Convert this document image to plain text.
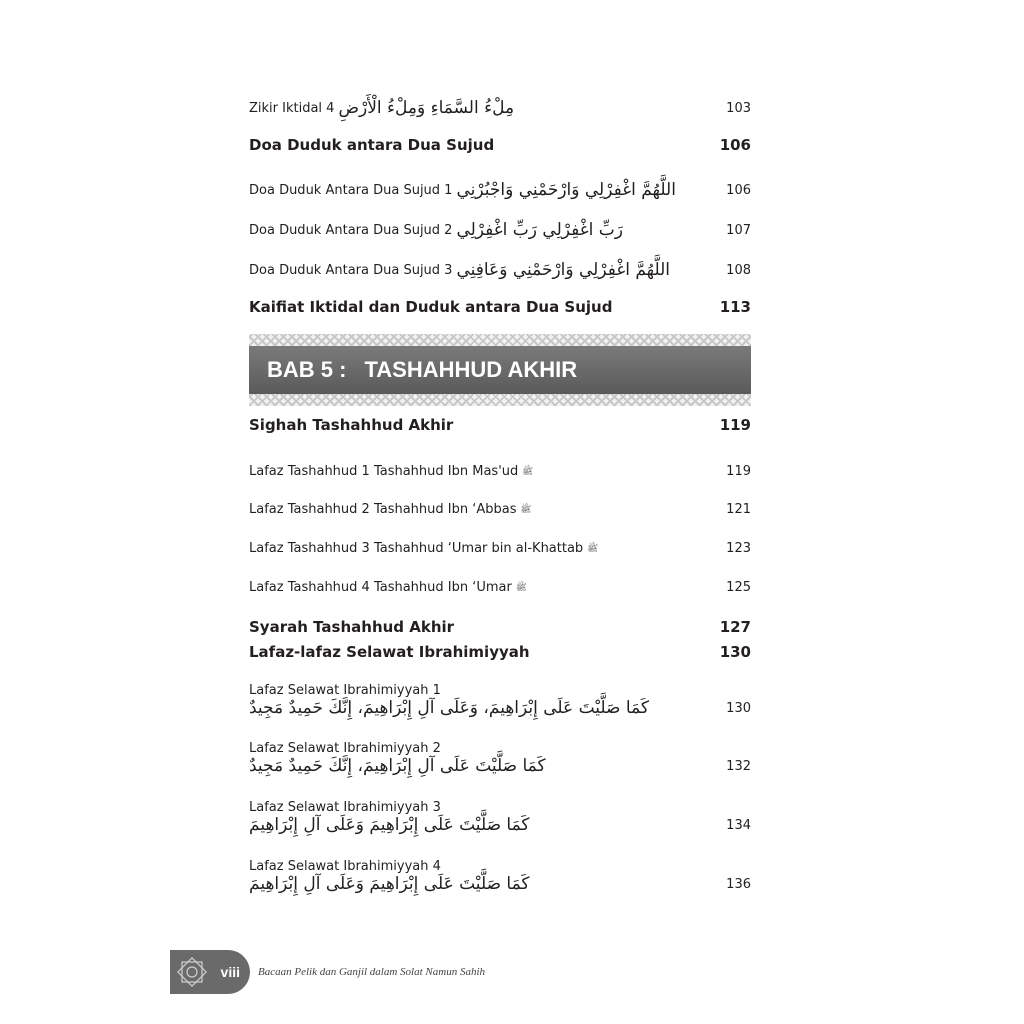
Zikir Iktidal 4 مِلْءُ السَّمَاءِ وَمِلْءُ الْأَرْضِ	103
Doa Duduk antara Dua Sujud	106
Doa Duduk Antara Dua Sujud 1 اللَّهُمَّ اغْفِرْلِي وَارْحَمْنِي وَاجْبُرْنِي	106
Doa Duduk Antara Dua Sujud 2 رَبِّ اغْفِرْلِي رَبِّ اغْفِرْلِي	107
Doa Duduk Antara Dua Sujud 3 اللَّهُمَّ اغْفِرْلِي وَارْحَمْنِي وَعَافِنِي	108
Kaifiat Iktidal dan Duduk antara Dua Sujud	113
BAB 5 : TASHAHHUD AKHIR
Sighah Tashahhud Akhir	119
Lafaz Tashahhud 1 Tashahhud Ibn Mas'ud ﷺ	119
Lafaz Tashahhud 2 Tashahhud Ibn ‘Abbas ﷺ	121
Lafaz Tashahhud 3 Tashahhud ‘Umar bin al-Khattab ﷺ	123
Lafaz Tashahhud 4 Tashahhud Ibn ‘Umar ﷺ	125
Syarah Tashahhud Akhir	127
Lafaz-lafaz Selawat Ibrahimiyyah	130
Lafaz Selawat Ibrahimiyyah 1
كَمَا صَلَّيْتَ عَلَى إِبْرَاهِيمَ، وَعَلَى آلِ إِبْرَاهِيمَ، إِنَّكَ حَمِيدٌ مَجِيدٌ	130
Lafaz Selawat Ibrahimiyyah 2
كَمَا صَلَّيْتَ عَلَى آلِ إِبْرَاهِيمَ، إِنَّكَ حَمِيدٌ مَجِيدٌ	132
Lafaz Selawat Ibrahimiyyah 3
كَمَا صَلَّيْتَ عَلَى إِبْرَاهِيمَ وَعَلَى آلِ إِبْرَاهِيمَ	134
Lafaz Selawat Ibrahimiyyah 4
كَمَا صَلَّيْتَ عَلَى إِبْرَاهِيمَ وَعَلَى آلِ إِبْرَاهِيمَ	136
viii Bacaan Pelik dan Ganjil dalam Solat Namun Sahih
